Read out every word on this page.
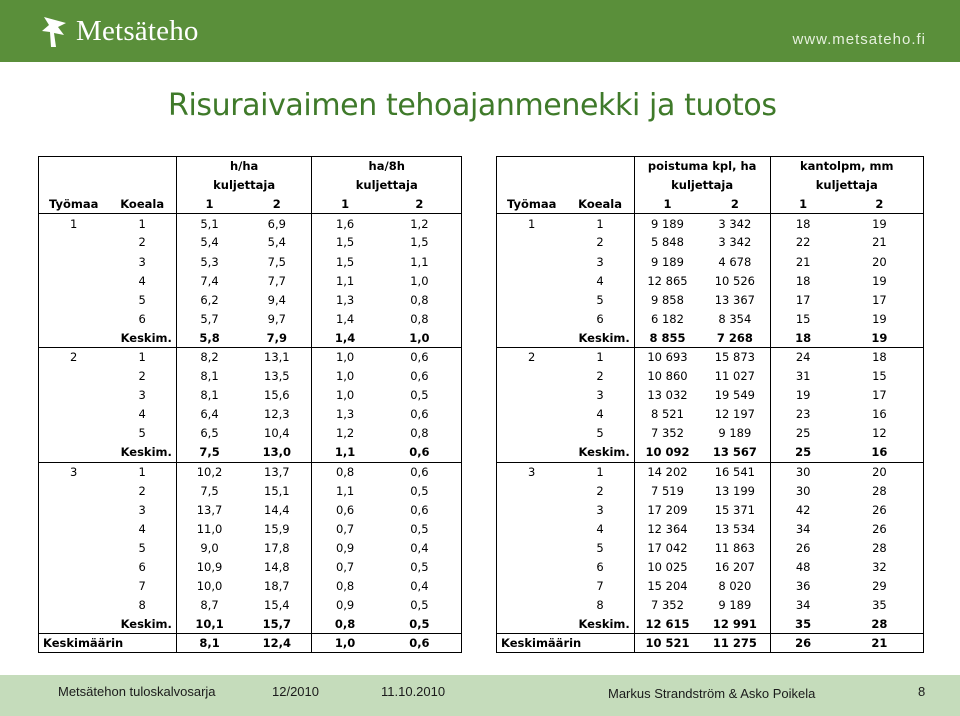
Metsäteho	www.metsateho.fi
Risuraivaimen tehoajanmenekki ja tuotos
		h/ha		ha/8h	
		kuljettaja		kuljettaja	
Työmaa	Koeala	1	2	1	2
1	1	5,1	6,9	1,6	1,2
	2	5,4	5,4	1,5	1,5
	3	5,3	7,5	1,5	1,1
	4	7,4	7,7	1,1	1,0
	5	6,2	9,4	1,3	0,8
	6	5,7	9,7	1,4	0,8
	Keskim.	5,8	7,9	1,4	1,0
2	1	8,2	13,1	1,0	0,6
	2	8,1	13,5	1,0	0,6
	3	8,1	15,6	1,0	0,5
	4	6,4	12,3	1,3	0,6
	5	6,5	10,4	1,2	0,8
	Keskim.	7,5	13,0	1,1	0,6
3	1	10,2	13,7	0,8	0,6
	2	7,5	15,1	1,1	0,5
	3	13,7	14,4	0,6	0,6
	4	11,0	15,9	0,7	0,5
	5	9,0	17,8	0,9	0,4
	6	10,9	14,8	0,7	0,5
	7	10,0	18,7	0,8	0,4
	8	8,7	15,4	0,9	0,5
	Keskim.	10,1	15,7	0,8	0,5
Keskimäärin		8,1	12,4	1,0	0,6
		poistuma kpl, ha		kantolpm, mm	
		kuljettaja		kuljettaja	
Työmaa	Koeala	1	2	1	2
1	1	9 189	3 342	18	19
	2	5 848	3 342	22	21
	3	9 189	4 678	21	20
	4	12 865	10 526	18	19
	5	9 858	13 367	17	17
	6	6 182	8 354	15	19
	Keskim.	8 855	7 268	18	19
2	1	10 693	15 873	24	18
	2	10 860	11 027	31	15
	3	13 032	19 549	19	17
	4	8 521	12 197	23	16
	5	7 352	9 189	25	12
	Keskim.	10 092	13 567	25	16
3	1	14 202	16 541	30	20
	2	7 519	13 199	30	28
	3	17 209	15 371	42	26
	4	12 364	13 534	34	26
	5	17 042	11 863	26	28
	6	10 025	16 207	48	32
	7	15 204	8 020	36	29
	8	7 352	9 189	34	35
	Keskim.	12 615	12 991	35	28
Keskimäärin		10 521	11 275	26	21
Metsätehon tuloskalvosarja	12/2010	11.10.2010	Markus Strandström & Asko Poikela	8
